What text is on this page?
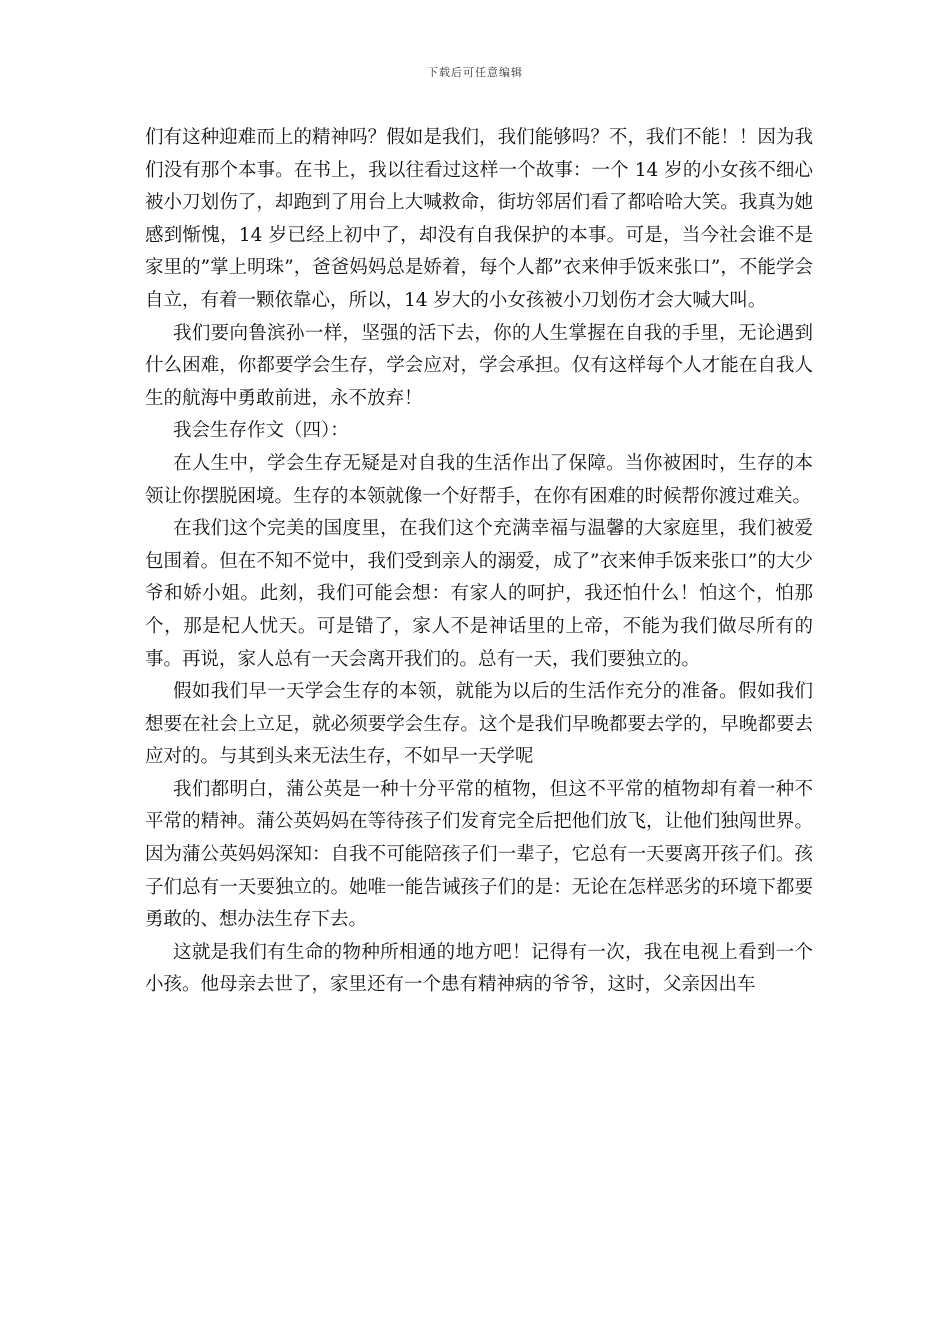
下载后可任意编辑

们有这种迎难而上的精神吗？假如是我们，我们能够吗？不，我们不能！！因为我们没有那个本事。在书上，我以往看过这样一个故事：一个 14 岁的小女孩不细心被小刀划伤了，却跑到了用台上大喊救命，街坊邻居们看了都哈哈大笑。我真为她感到惭愧，14 岁已经上初中了，却没有自我保护的本事。可是，当今社会谁不是家里的”掌上明珠”，爸爸妈妈总是娇着，每个人都”衣来伸手饭来张口”，不能学会自立，有着一颗依靠心，所以，14 岁大的小女孩被小刀划伤才会大喊大叫。

我们要向鲁滨孙一样，坚强的活下去，你的人生掌握在自我的手里，无论遇到什么困难，你都要学会生存，学会应对，学会承担。仅有这样每个人才能在自我人生的航海中勇敢前进，永不放弃！

我会生存作文（四）：

在人生中，学会生存无疑是对自我的生活作出了保障。当你被困时，生存的本领让你摆脱困境。生存的本领就像一个好帮手，在你有困难的时候帮你渡过难关。

在我们这个完美的国度里，在我们这个充满幸福与温馨的大家庭里，我们被爱包围着。但在不知不觉中，我们受到亲人的溺爱，成了”衣来伸手饭来张口”的大少爷和娇小姐。此刻，我们可能会想：有家人的呵护，我还怕什么！怕这个，怕那个，那是杞人忧天。可是错了，家人不是神话里的上帝，不能为我们做尽所有的事。再说，家人总有一天会离开我们的。总有一天，我们要独立的。

假如我们早一天学会生存的本领，就能为以后的生活作充分的准备。假如我们想要在社会上立足，就必须要学会生存。这个是我们早晚都要去学的，早晚都要去应对的。与其到头来无法生存，不如早一天学呢

我们都明白，蒲公英是一种十分平常的植物，但这不平常的植物却有着一种不平常的精神。蒲公英妈妈在等待孩子们发育完全后把他们放飞，让他们独闯世界。因为蒲公英妈妈深知：自我不可能陪孩子们一辈子，它总有一天要离开孩子们。孩子们总有一天要独立的。她唯一能告诫孩子们的是：无论在怎样恶劣的环境下都要勇敢的、想办法生存下去。

这就是我们有生命的物种所相通的地方吧！记得有一次，我在电视上看到一个小孩。他母亲去世了，家里还有一个患有精神病的爷爷，这时，父亲因出车
